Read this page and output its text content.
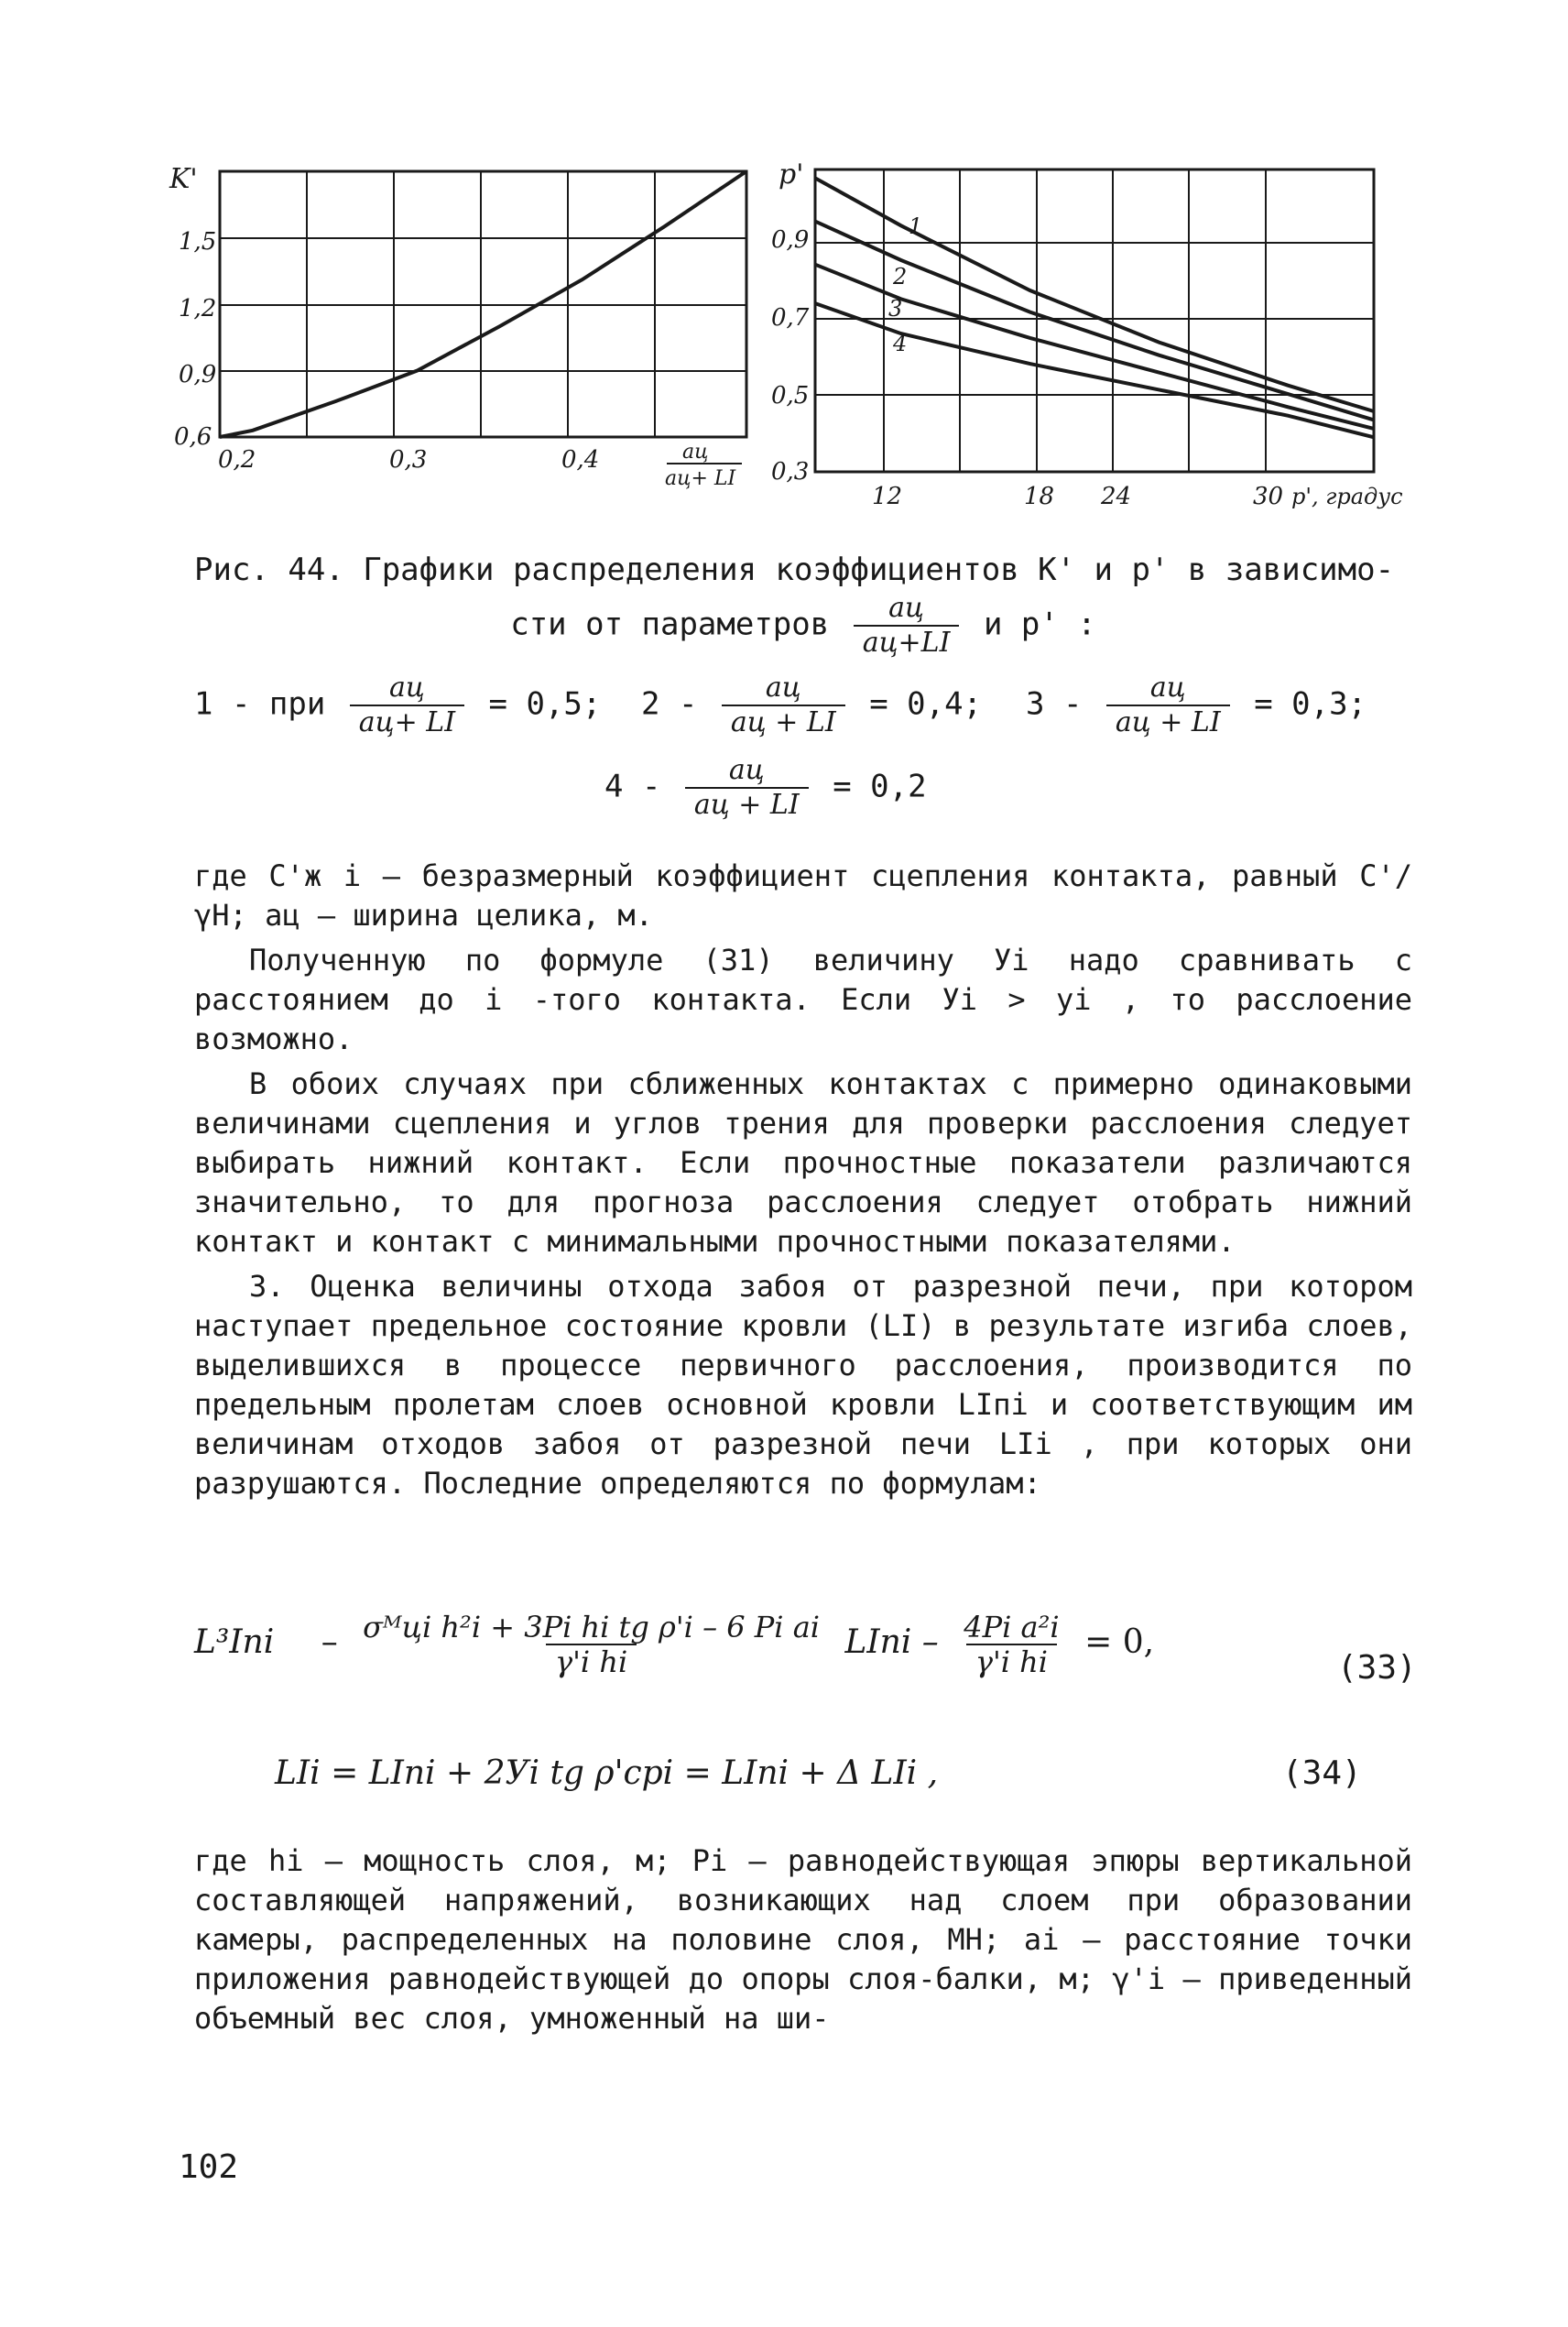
K'
1,5
1,2
0,9
0,6
0,2	0,3	0,4	aц
aц+ LI
p'
0,9
0,7
0,5
0,3
1
2
3
4
12	18 24	30 p', градус
Рис. 44. Графики распределения коэффициентов K' и p' в зависимо-
сти от параметров $\frac{aц}{aц+LI}$ и p' :
1 - при $\frac{aц}{aц+ LI} = 0,5$; $2 - \frac{aц}{aц + LI} = 0,4$; $3 - \frac{aц}{aц + LI} = 0,3$;
$4 - \frac{aц}{aц + LI} = 0,2$

где C'ж i – безразмерный коэффициент сцепления контакта, равный C'/γH; aц – ширина целика, м.

Полученную по формуле (31) величину Уi надо сравнивать с расстоянием до i -того контакта. Если Уi > уi , то расслоение возможно.

В обоих случаях при сближенных контактах с примерно одинаковыми величинами сцепления и углов трения для проверки расслоения следует выбирать нижний контакт. Если прочностные показатели различаются значительно, то для прогноза расслоения следует отобрать нижний контакт и контакт с минимальными прочностными показателями.

3. Оценка величины отхода забоя от разрезной печи, при котором наступает предельное состояние кровли (LI) в результате изгиба слоев, выделившихся в процессе первичного расслоения, производится по предельным пролетам слоев основной кровли LIпi и соответствующим им величинам отходов забоя от разрезной печи LIi , при которых они разрушаются. Последние определяются по формулам:

$L^3Iпi - \frac{\text{σᴹцi h²i + 3Pi hi tg ρ'i – 6 Pi ai}}{\text{γ'i hi}}$ LIпi – $\frac{\text{4Pi a²i}}{\text{γ'i hi}} = 0$,
(33)
LIi = LIпi + 2Уi tg ρ'cpi = LIпi + Δ LIi ,	(34)

где hi – мощность слоя, м; Pi – равнодействующая эпюры вертикальной составляющей напряжений, возникающих над слоем при образовании камеры, распределенных на половине слоя, МН; ai – расстояние точки приложения равнодействующей до опоры слоя-балки, м; γ'i – приведенный объемный вес слоя, умноженный на ши-

102
